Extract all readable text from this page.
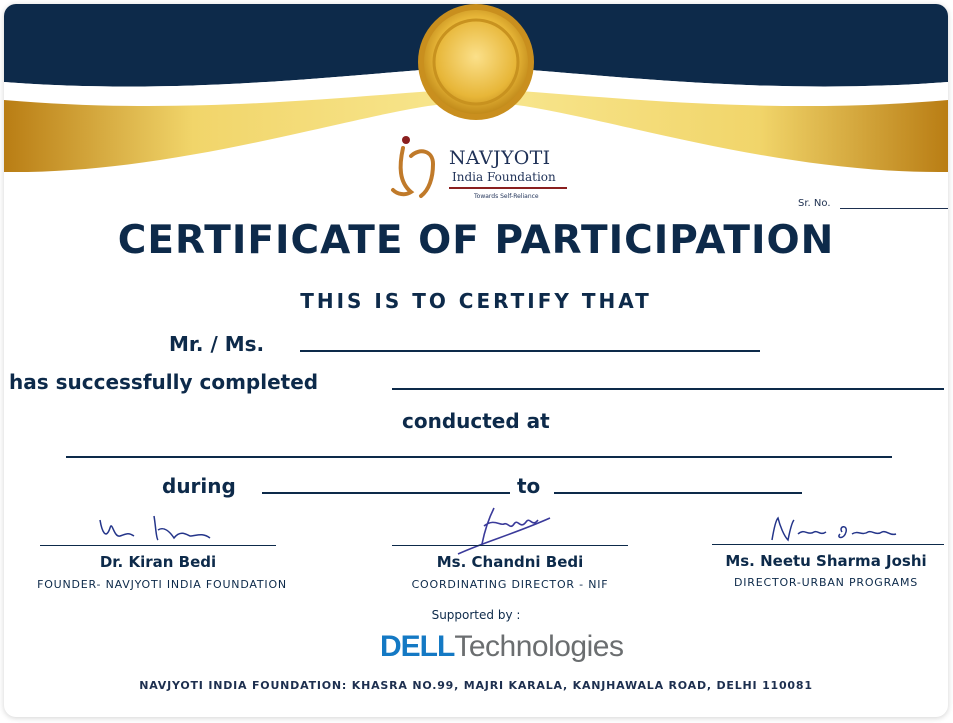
NAVJYOTI
India Foundation
Towards Self-Reliance
Sr. No.
CERTIFICATE OF PARTICIPATION
THIS IS TO CERTIFY THAT
Mr. / Ms.
has successfully completed
conducted at
during	to
Dr. Kiran Bedi
FOUNDER- NAVJYOTI INDIA FOUNDATION
Ms. Chandni Bedi
COORDINATING DIRECTOR - NIF
Ms. Neetu Sharma Joshi
DIRECTOR-URBAN PROGRAMS
Supported by :
DELLTechnologies
NAVJYOTI INDIA FOUNDATION: KHASRA NO.99, MAJRI KARALA, KANJHAWALA ROAD, DELHI 110081
